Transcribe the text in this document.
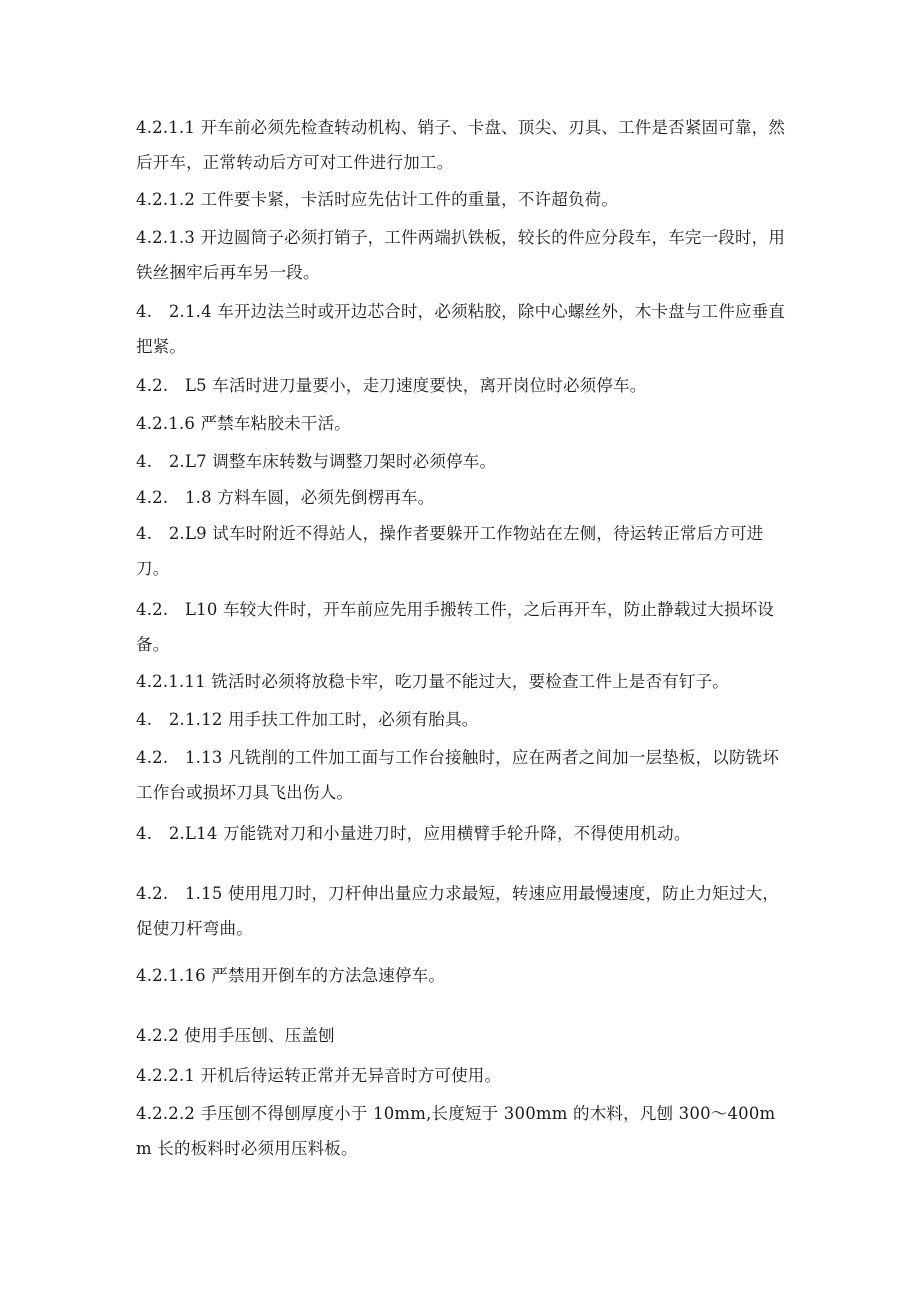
4.2.1.1 开车前必须先检查转动机构、销子、卡盘、顶尖、刃具、工件是否紧固可靠，然后开车，正常转动后方可对工件进行加工。

4.2.1.2 工件要卡紧，卡活时应先估计工件的重量，不许超负荷。

4.2.1.3 开边圆筒子必须打销子，工件两端扒铁板，较长的件应分段车，车完一段时，用铁丝捆牢后再车另一段。

4.　2.1.4 车开边法兰时或开边芯合时，必须粘胶，除中心螺丝外，木卡盘与工件应垂直把紧。

4.2.　L5 车活时进刀量要小，走刀速度要快，离开岗位时必须停车。

4.2.1.6 严禁车粘胶未干活。

4.　2.L7 调整车床转数与调整刀架时必须停车。

4.2.　1.8 方料车圆，必须先倒楞再车。

4.　2.L9 试车时附近不得站人，操作者要躲开工作物站在左侧，待运转正常后方可进刀。

4.2.　L10 车较大件时，开车前应先用手搬转工件，之后再开车，防止静载过大损坏设备。

4.2.1.11 铣活时必须将放稳卡牢，吃刀量不能过大，要检查工件上是否有钉子。

4.　2.1.12 用手扶工件加工时，必须有胎具。

4.2.　1.13 凡铣削的工件加工面与工作台接触时，应在两者之间加一层垫板，以防铣坏工作台或损坏刀具飞出伤人。

4.　2.L14 万能铣对刀和小量进刀时，应用横臂手轮升降，不得使用机动。

4.2.　1.15 使用甩刀时，刀杆伸出量应力求最短，转速应用最慢速度，防止力矩过大，促使刀杆弯曲。

4.2.1.16 严禁用开倒车的方法急速停车。

4.2.2 使用手压刨、压盖刨

4.2.2.1 开机后待运转正常并无异音时方可使用。

4.2.2.2 手压刨不得刨厚度小于 10mm,长度短于 300mm 的木料，凡刨 300～400mm 长的板料时必须用压料板。
